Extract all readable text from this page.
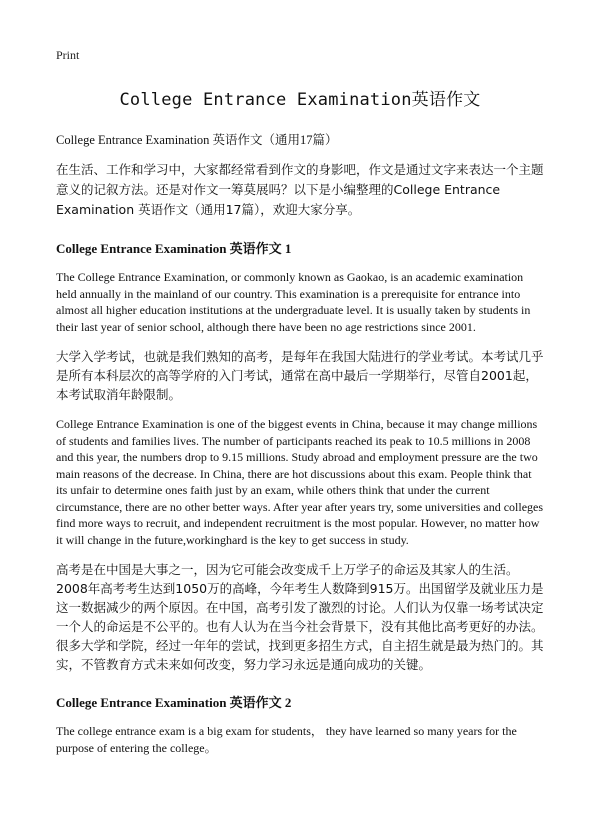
Print
College Entrance Examination英语作文
College Entrance Examination 英语作文（通用17篇）
在生活、工作和学习中，大家都经常看到作文的身影吧，作文是通过文字来表达一个主题意义的记叙方法。还是对作文一筹莫展吗？以下是小编整理的College Entrance Examination 英语作文（通用17篇），欢迎大家分享。
College Entrance Examination 英语作文 1
The College Entrance Examination, or commonly known as Gaokao, is an academic examination held annually in the mainland of our country. This examination is a prerequisite for entrance into almost all higher education institutions at the undergraduate level. It is usually taken by students in their last year of senior school, although there have been no age restrictions since 2001.
大学入学考试，也就是我们熟知的高考，是每年在我国大陆进行的学业考试。本考试几乎是所有本科层次的高等学府的入门考试，通常在高中最后一学期举行，尽管自2001起，本考试取消年龄限制。
College Entrance Examination is one of the biggest events in China, because it may change millions of students and families lives. The number of participants reached its peak to 10.5 millions in 2008 and this year, the numbers drop to 9.15 millions. Study abroad and employment pressure are the two main reasons of the decrease. In China, there are hot discussions about this exam. People think that its unfair to determine ones faith just by an exam, while others think that under the current circumstance, there are no other better ways. After year after years try, some universities and colleges find more ways to recruit, and independent recruitment is the most popular. However, no matter how it will change in the future,workinghard is the key to get success in study.
高考是在中国是大事之一，因为它可能会改变成千上万学子的命运及其家人的生活。2008年高考考生达到1050万的高峰，今年考生人数降到915万。出国留学及就业压力是这一数据减少的两个原因。在中国，高考引发了激烈的讨论。人们认为仅靠一场考试决定一个人的命运是不公平的。也有人认为在当今社会背景下，没有其他比高考更好的办法。很多大学和学院，经过一年年的尝试，找到更多招生方式，自主招生就是最为热门的。其实，不管教育方式未来如何改变，努力学习永远是通向成功的关键。
College Entrance Examination 英语作文 2
The college entrance exam is a big exam for students， they have learned so many years for the purpose of entering the college。
